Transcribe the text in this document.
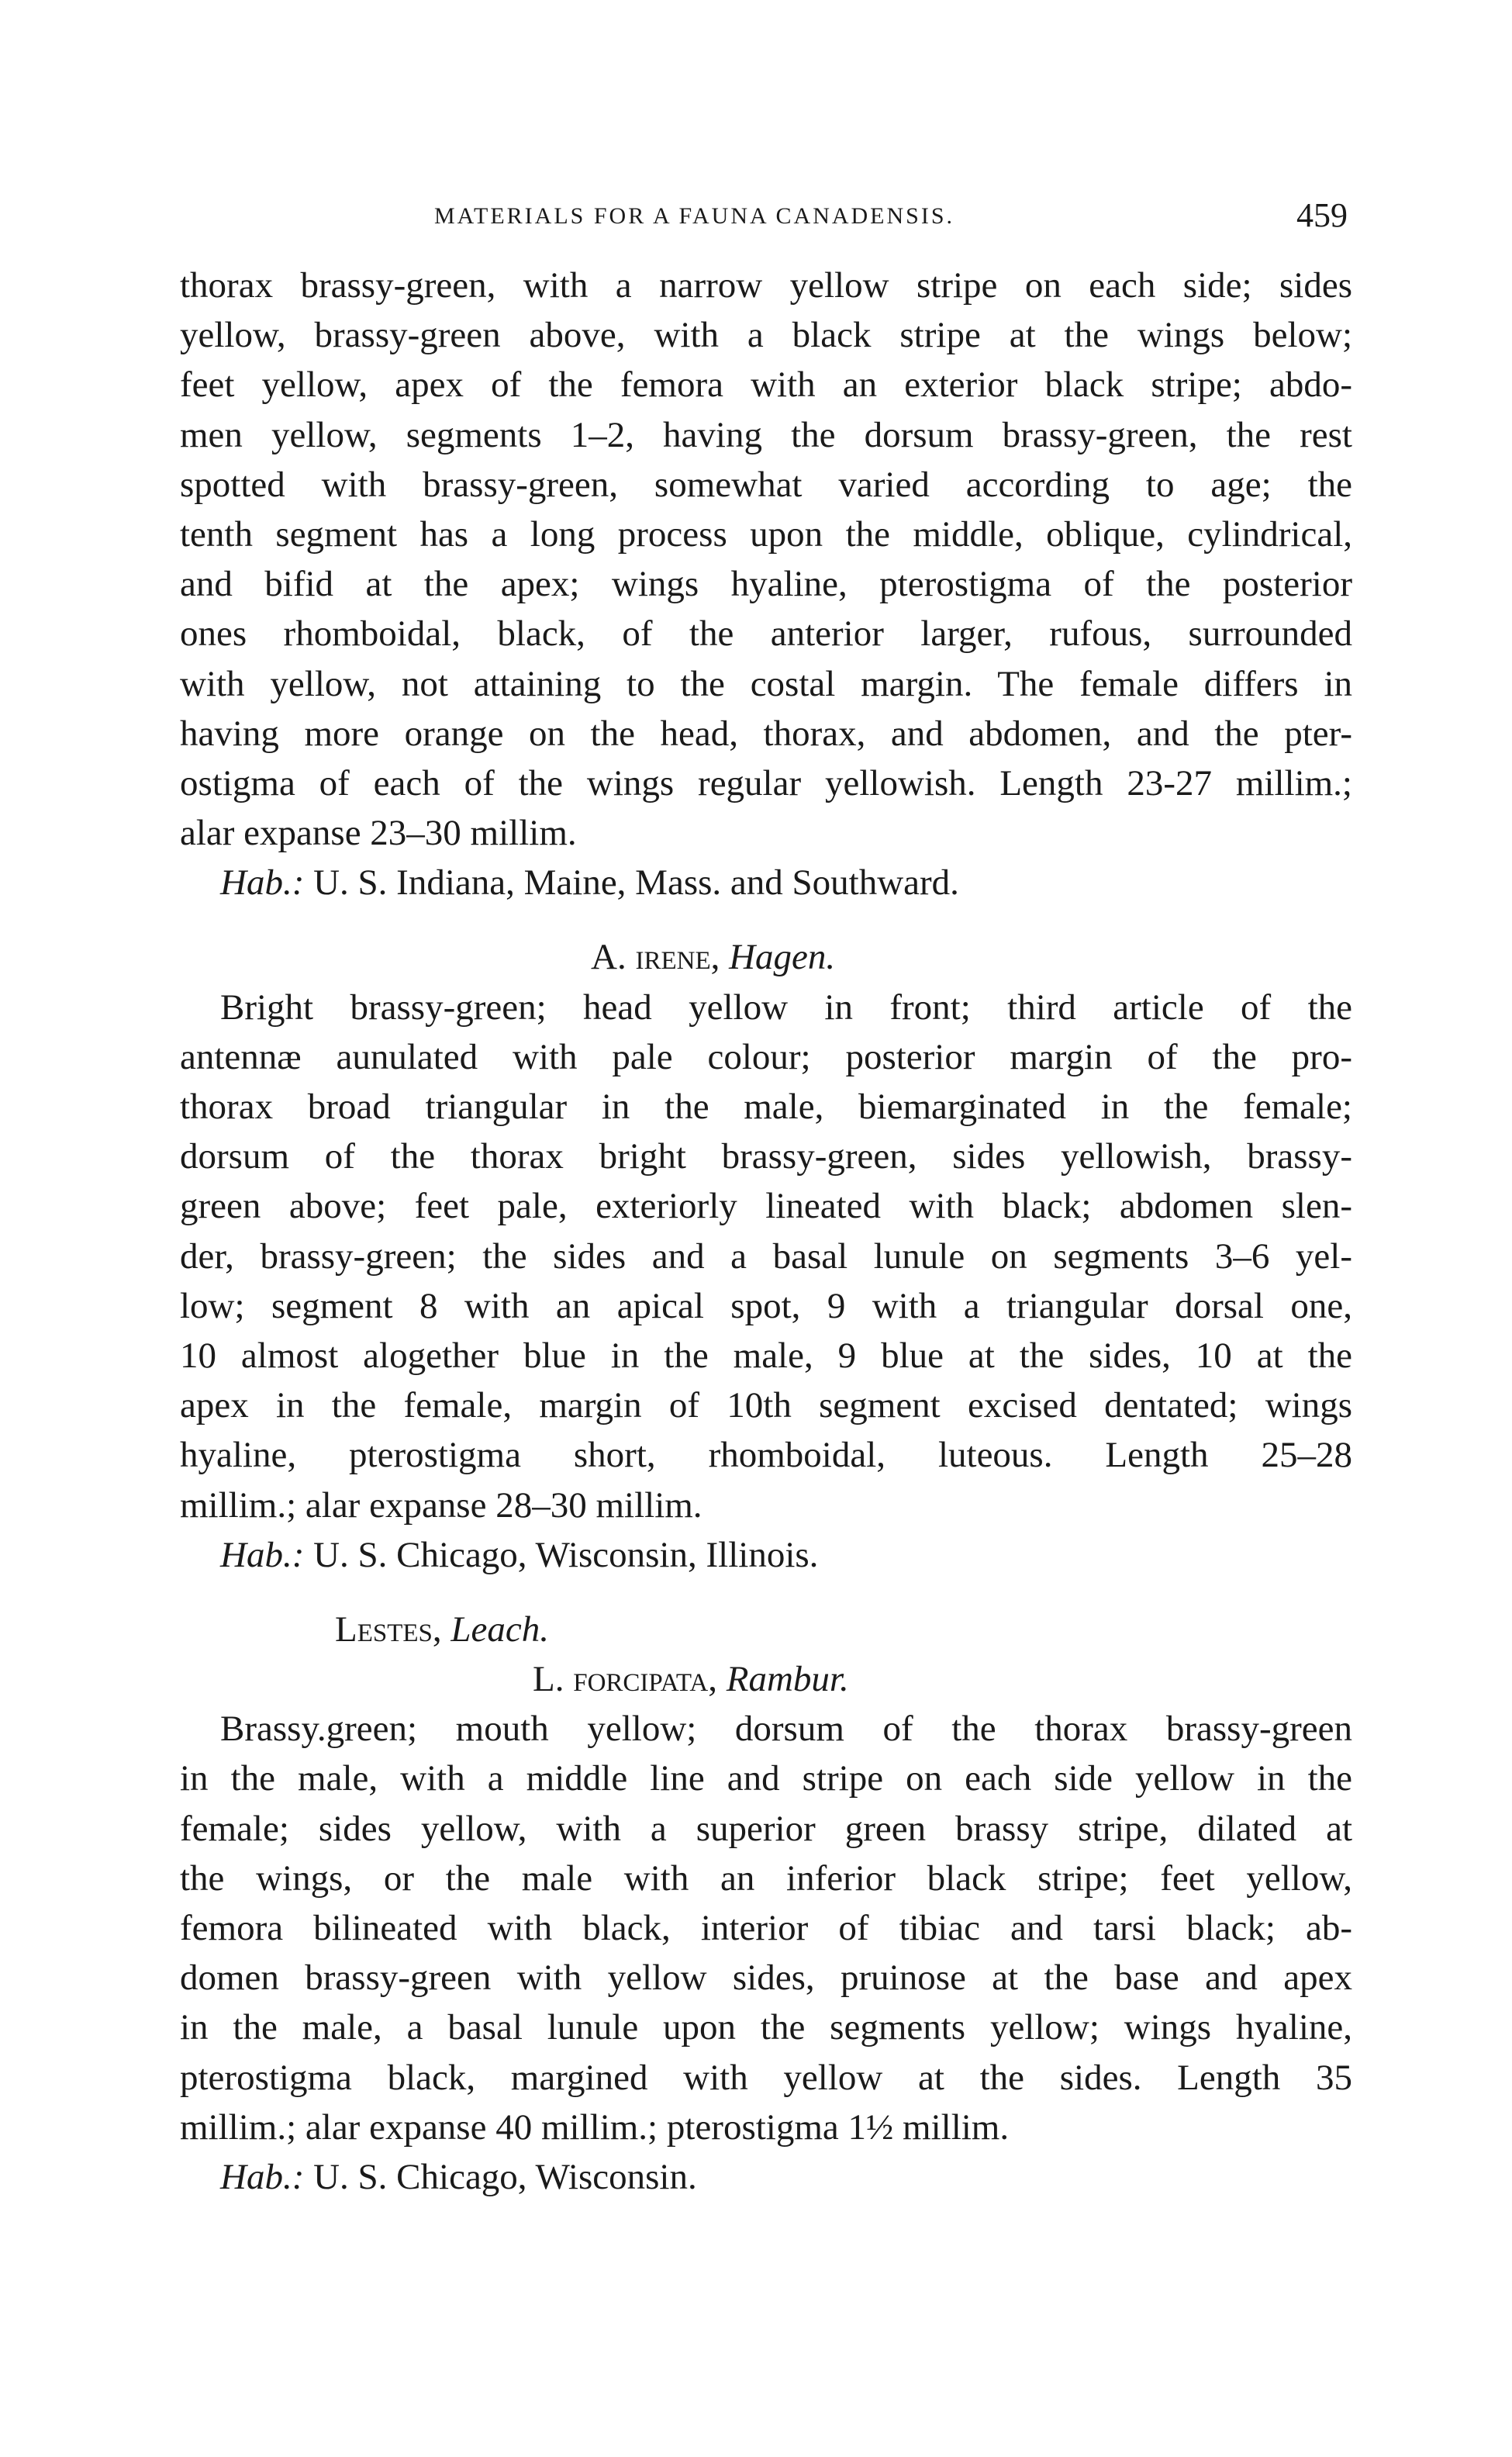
MATERIALS FOR A FAUNA CANADENSIS.	459
thorax brassy-green, with a narrow yellow stripe on each side; sides
yellow, brassy-green above, with a black stripe at the wings below;
feet yellow, apex of the femora with an exterior black stripe; abdo-
men yellow, segments 1–2, having the dorsum brassy-green, the rest
spotted with brassy-green, somewhat varied according to age; the
tenth segment has a long process upon the middle, oblique, cylindrical,
and bifid at the apex; wings hyaline, pterostigma of the posterior
ones rhomboidal, black, of the anterior larger, rufous, surrounded
with yellow, not attaining to the costal margin. The female differs in
having more orange on the head, thorax, and abdomen, and the pter-
ostigma of each of the wings regular yellowish. Length 23-27 millim.;
alar expanse 23–30 millim.
Hab.: U. S. Indiana, Maine, Mass. and Southward.
A. irene, Hagen.
Bright brassy-green; head yellow in front; third article of the
antennæ aunulated with pale colour; posterior margin of the pro-
thorax broad triangular in the male, biemarginated in the female;
dorsum of the thorax bright brassy-green, sides yellowish, brassy-
green above; feet pale, exteriorly lineated with black; abdomen slen-
der, brassy-green; the sides and a basal lunule on segments 3–6 yel-
low; segment 8 with an apical spot, 9 with a triangular dorsal one,
10 almost alogether blue in the male, 9 blue at the sides, 10 at the
apex in the female, margin of 10th segment excised dentated; wings
hyaline, pterostigma short, rhomboidal, luteous. Length 25–28
millim.; alar expanse 28–30 millim.
Hab.: U. S. Chicago, Wisconsin, Illinois.
Lestes, Leach.
L. forcipata, Rambur.
Brassy.green; mouth yellow; dorsum of the thorax brassy-green
in the male, with a middle line and stripe on each side yellow in the
female; sides yellow, with a superior green brassy stripe, dilated at
the wings, or the male with an inferior black stripe; feet yellow,
femora bilineated with black, interior of tibiac and tarsi black; ab-
domen brassy-green with yellow sides, pruinose at the base and apex
in the male, a basal lunule upon the segments yellow; wings hyaline,
pterostigma black, margined with yellow at the sides. Length 35
millim.; alar expanse 40 millim.; pterostigma 1½ millim.
Hab.: U. S. Chicago, Wisconsin.
